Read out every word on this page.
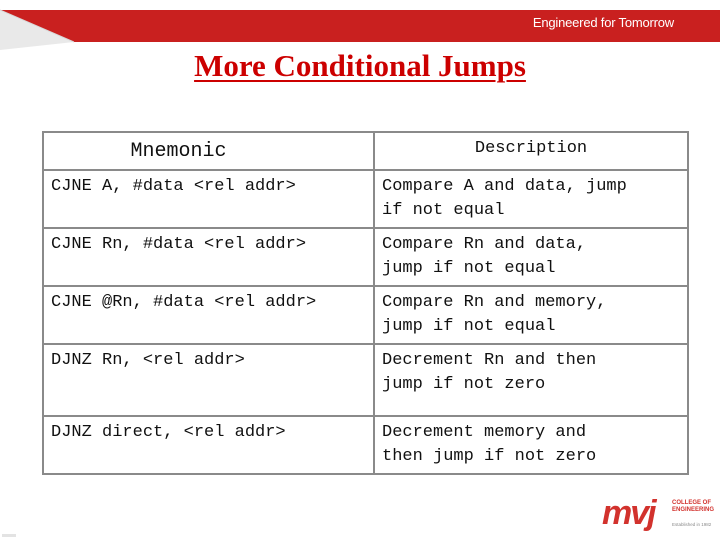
Engineered for Tomorrow
More Conditional Jumps
Mnemonic	Description

CJNE A, #data <rel addr>	Compare A and data, jump
if not equal

CJNE Rn, #data <rel addr>	Compare Rn and data,
jump if not equal

CJNE @Rn, #data <rel addr>	Compare Rn and memory,
jump if not equal

DJNZ Rn, <rel addr>	Decrement Rn and then
jump if not zero

DJNZ direct, <rel addr>	Decrement memory and
then jump if not zero
mvj	COLLEGE OF
ENGINEERING
Established in 1982
